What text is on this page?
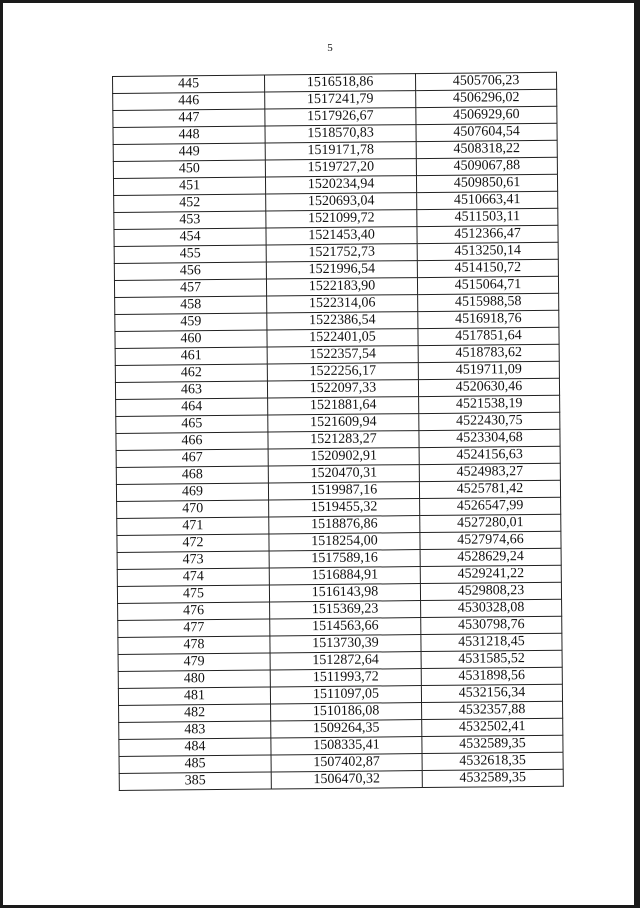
5
445	1516518,86	4505706,23
446	1517241,79	4506296,02
447	1517926,67	4506929,60
448	1518570,83	4507604,54
449	1519171,78	4508318,22
450	1519727,20	4509067,88
451	1520234,94	4509850,61
452	1520693,04	4510663,41
453	1521099,72	4511503,11
454	1521453,40	4512366,47
455	1521752,73	4513250,14
456	1521996,54	4514150,72
457	1522183,90	4515064,71
458	1522314,06	4515988,58
459	1522386,54	4516918,76
460	1522401,05	4517851,64
461	1522357,54	4518783,62
462	1522256,17	4519711,09
463	1522097,33	4520630,46
464	1521881,64	4521538,19
465	1521609,94	4522430,75
466	1521283,27	4523304,68
467	1520902,91	4524156,63
468	1520470,31	4524983,27
469	1519987,16	4525781,42
470	1519455,32	4526547,99
471	1518876,86	4527280,01
472	1518254,00	4527974,66
473	1517589,16	4528629,24
474	1516884,91	4529241,22
475	1516143,98	4529808,23
476	1515369,23	4530328,08
477	1514563,66	4530798,76
478	1513730,39	4531218,45
479	1512872,64	4531585,52
480	1511993,72	4531898,56
481	1511097,05	4532156,34
482	1510186,08	4532357,88
483	1509264,35	4532502,41
484	1508335,41	4532589,35
485	1507402,87	4532618,35
385	1506470,32	4532589,35
